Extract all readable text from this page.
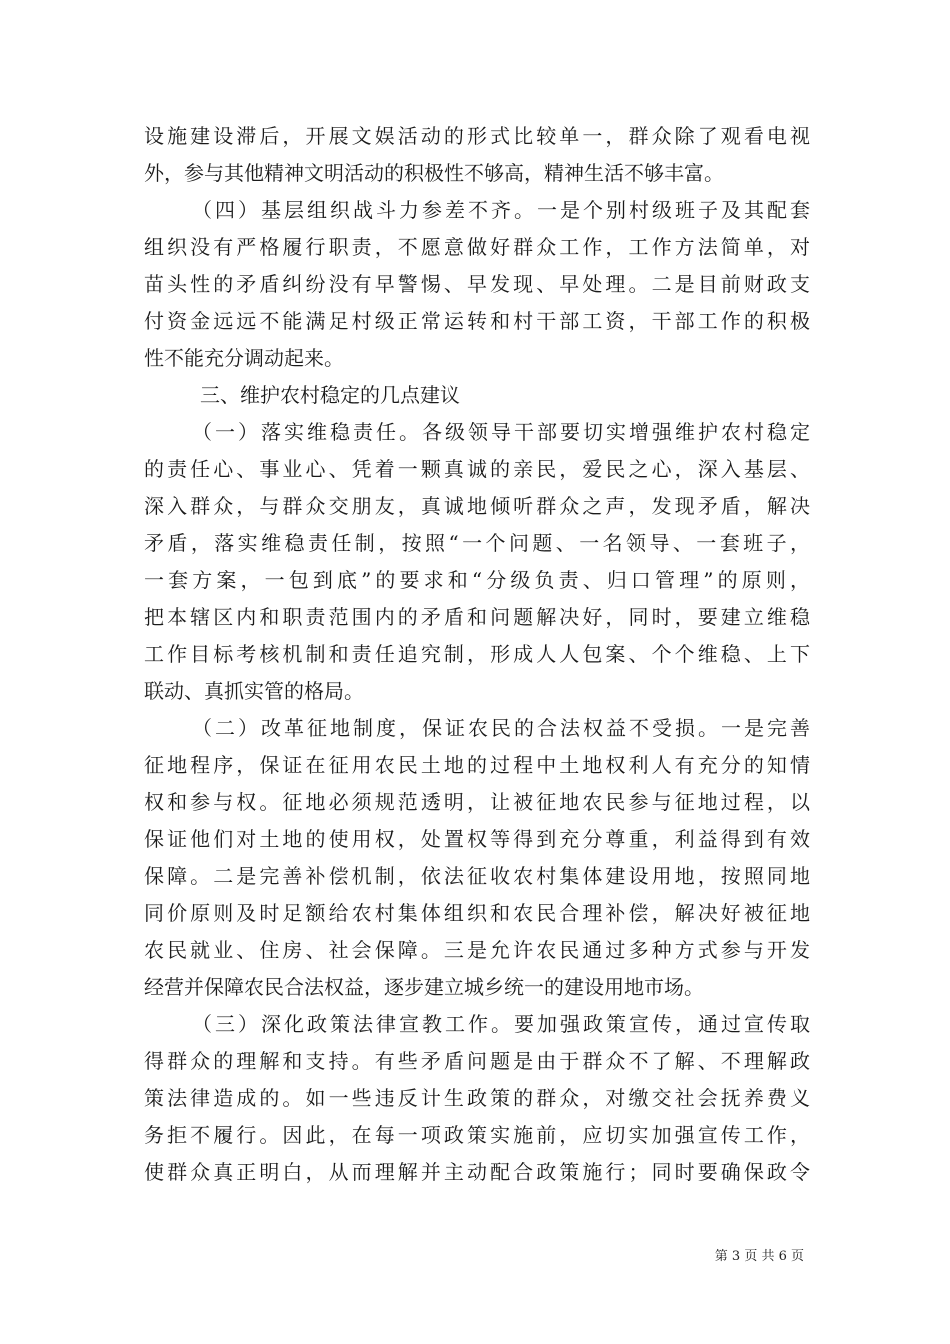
设施建设滞后，开展文娱活动的形式比较单一，群众除了观看电视
外，参与其他精神文明活动的积极性不够高，精神生活不够丰富。
（四）基层组织战斗力参差不齐。一是个别村级班子及其配套
组织没有严格履行职责，不愿意做好群众工作，工作方法简单，对
苗头性的矛盾纠纷没有早警惕、早发现、早处理。二是目前财政支
付资金远远不能满足村级正常运转和村干部工资，干部工作的积极
性不能充分调动起来。
三、维护农村稳定的几点建议
（一）落实维稳责任。各级领导干部要切实增强维护农村稳定
的责任心、事业心、凭着一颗真诚的亲民，爱民之心，深入基层、
深入群众，与群众交朋友，真诚地倾听群众之声，发现矛盾，解决
矛盾，落实维稳责任制，按照“一个问题、一名领导、一套班子，
一套方案，一包到底”的要求和“分级负责、归口管理”的原则，
把本辖区内和职责范围内的矛盾和问题解决好，同时，要建立维稳
工作目标考核机制和责任追究制，形成人人包案、个个维稳、上下
联动、真抓实管的格局。
（二）改革征地制度，保证农民的合法权益不受损。一是完善
征地程序，保证在征用农民土地的过程中土地权利人有充分的知情
权和参与权。征地必须规范透明，让被征地农民参与征地过程，以
保证他们对土地的使用权，处置权等得到充分尊重，利益得到有效
保障。二是完善补偿机制，依法征收农村集体建设用地，按照同地
同价原则及时足额给农村集体组织和农民合理补偿，解决好被征地
农民就业、住房、社会保障。三是允许农民通过多种方式参与开发
经营并保障农民合法权益，逐步建立城乡统一的建设用地市场。
（三）深化政策法律宣教工作。要加强政策宣传，通过宣传取
得群众的理解和支持。有些矛盾问题是由于群众不了解、不理解政
策法律造成的。如一些违反计生政策的群众，对缴交社会抚养费义
务拒不履行。因此，在每一项政策实施前，应切实加强宣传工作，
使群众真正明白，从而理解并主动配合政策施行；同时要确保政令
第 3 页 共 6 页
